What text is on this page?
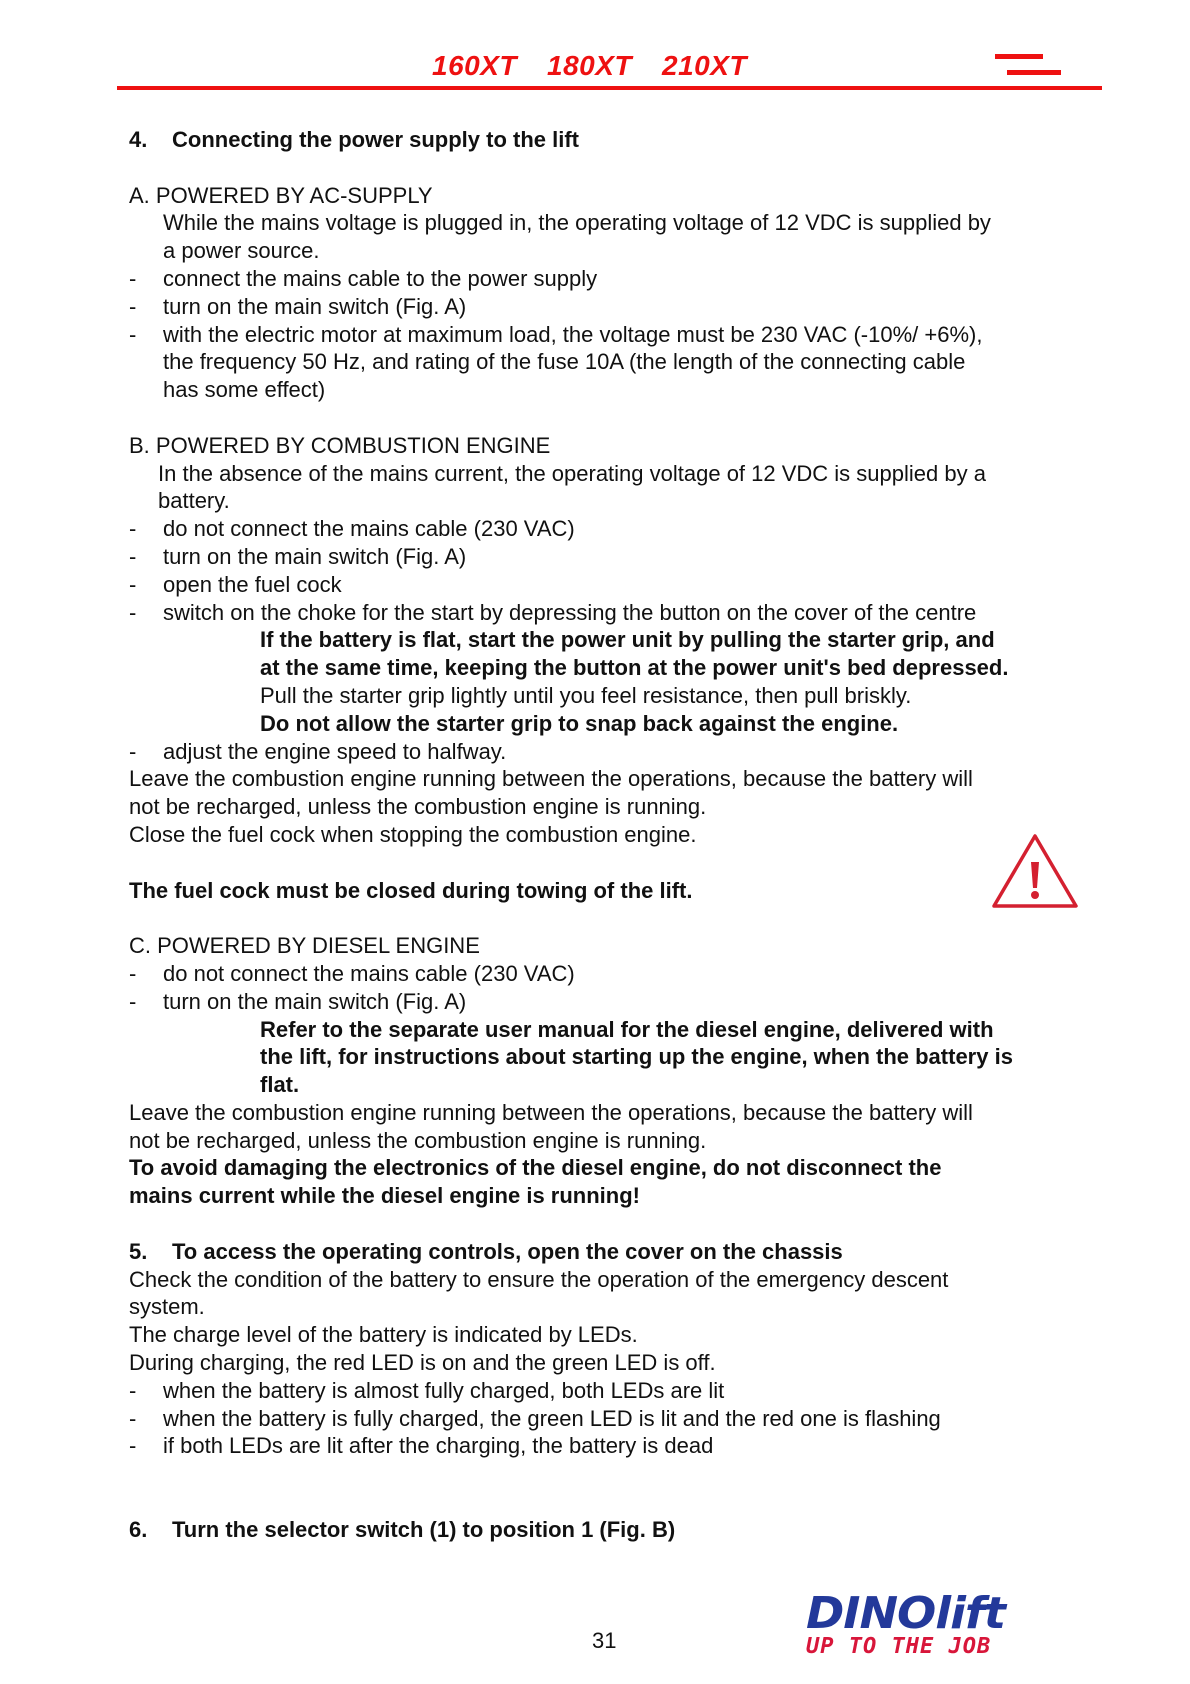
160XT 180XT 210XT
4. Connecting the power supply to the lift
A. POWERED BY AC-SUPPLY
While the mains voltage is plugged in, the operating voltage of 12 VDC is supplied by
a power source.
- connect the mains cable to the power supply
- turn on the main switch (Fig. A)
- with the electric motor at maximum load, the voltage must be 230 VAC (-10%/ +6%),
the frequency 50 Hz, and rating of the fuse 10A (the length of the connecting cable
has some effect)
B. POWERED BY COMBUSTION ENGINE
In the absence of the mains current, the operating voltage of 12 VDC is supplied by a
battery.
- do not connect the mains cable (230 VAC)
- turn on the main switch (Fig. A)
- open the fuel cock
- switch on the choke for the start by depressing the button on the cover of the centre
If the battery is flat, start the power unit by pulling the starter grip, and
at the same time, keeping the button at the power unit's bed depressed.
Pull the starter grip lightly until you feel resistance, then pull briskly.
Do not allow the starter grip to snap back against the engine.
- adjust the engine speed to halfway.
Leave the combustion engine running between the operations, because the battery will
not be recharged, unless the combustion engine is running.
Close the fuel cock when stopping the combustion engine.
The fuel cock must be closed during towing of the lift.
C. POWERED BY DIESEL ENGINE
- do not connect the mains cable (230 VAC)
- turn on the main switch (Fig. A)
Refer to the separate user manual for the diesel engine, delivered with
the lift, for instructions about starting up the engine, when the battery is
flat.
Leave the combustion engine running between the operations, because the battery will
not be recharged, unless the combustion engine is running.
To avoid damaging the electronics of the diesel engine, do not disconnect the
mains current while the diesel engine is running!
5. To access the operating controls, open the cover on the chassis
Check the condition of the battery to ensure the operation of the emergency descent
system.
The charge level of the battery is indicated by LEDs.
During charging, the red LED is on and the green LED is off.
- when the battery is almost fully charged, both LEDs are lit
- when the battery is fully charged, the green LED is lit and the red one is flashing
- if both LEDs are lit after the charging, the battery is dead
6. Turn the selector switch (1) to position 1 (Fig. B)
31
DINOlift
UP TO THE JOB
